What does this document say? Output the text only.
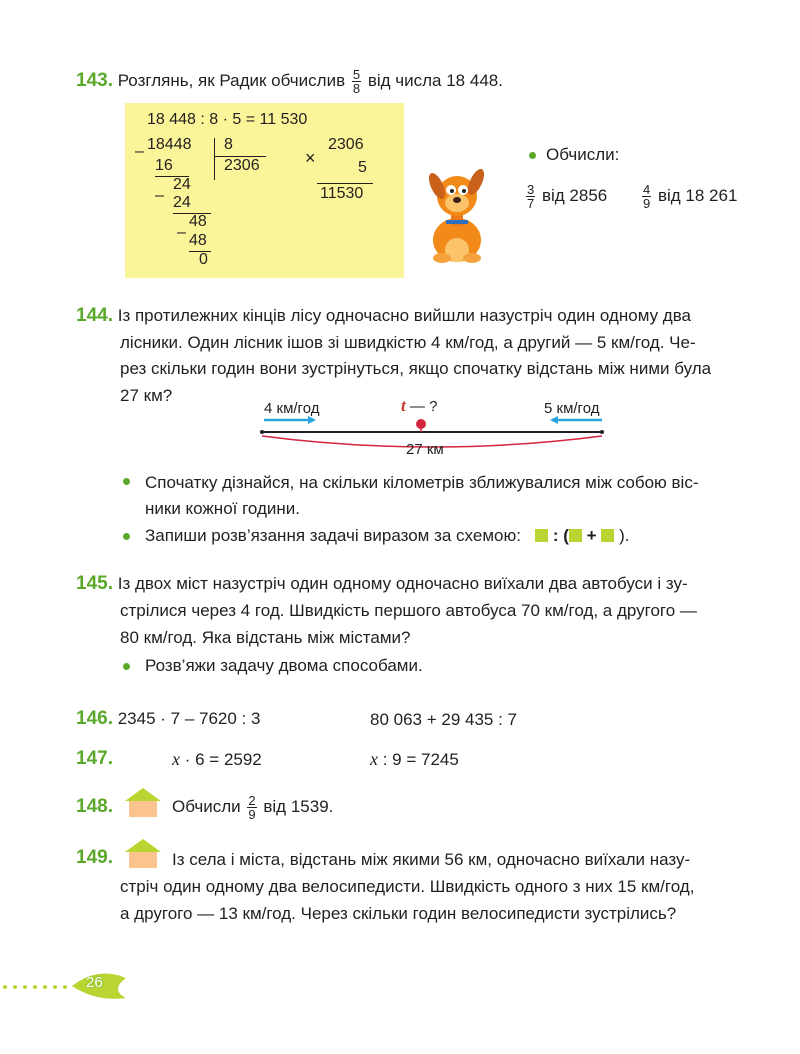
143. Розглянь, як Радик обчислив $\frac{5}{8}$ від числа 18 448.
18 448 : 8 · 5 = 11 530
– 18448 8
16	2306
24
– 24
48
– 48
0
×
2306
5
11530
Обчисли:
$\frac{3}{7}$ від 2856	$\frac{4}{9}$ від 18 261
144. Із протилежних кінців лісу одночасно вийшли назустріч один одному два
лісники. Один лісник ішов зі швидкістю 4 км/год, а другий — 5 км/год. Че-
рез скільки годин вони зустрінуться, якщо спочатку відстань між ними була
27 км?
4 км/год	5 км/год
t — ?
27 км
Спочатку дізнайся, на скільки кілометрів зближувалися між собою віс-
ники кожної години.
Запиши розв’язання задачі виразом за схемою: : ( + ).
145. Із двох міст назустріч один одному одночасно виїхали два автобуси і зу-
стрілися через 4 год. Швидкість першого автобуса 70 км/год, а другого —
80 км/год. Яка відстань між містами?
Розв’яжи задачу двома способами.
146. 2345 · 7 – 7620 : 3	80 063 + 29 435 : 7
147.	x · 6 = 2592	x : 9 = 7245
148.	Обчисли $\frac{2}{9}$ від 1539.
149.	Із села і міста, відстань між якими 56 км, одночасно виїхали назу-
стріч один одному два велосипедисти. Швидкість одного з них 15 км/год,
а другого — 13 км/год. Через скільки годин велосипедисти зустрілись?
26
